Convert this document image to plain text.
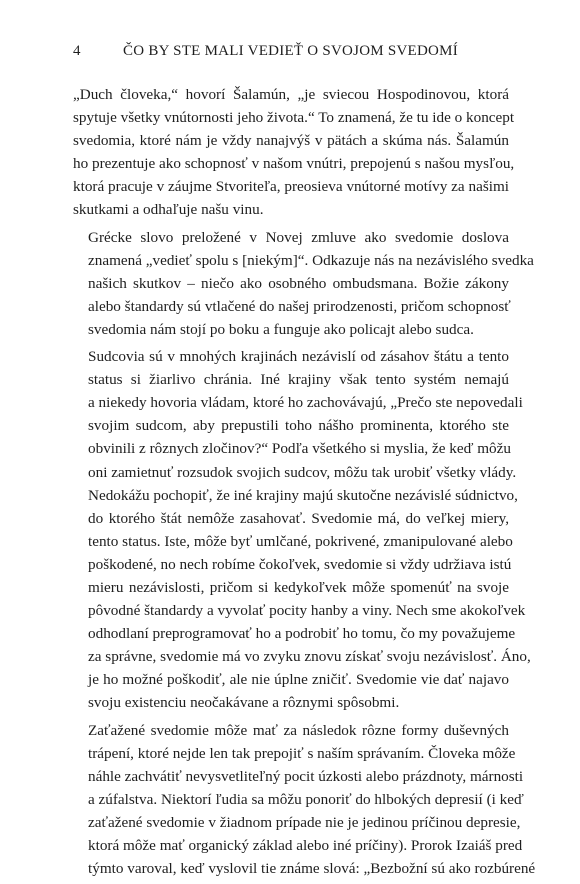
4	ČO BY STE MALI VEDIEŤ O SVOJOM SVEDOMÍ

„Duch človeka,“ hovorí Šalamún, „je sviecou Hospodinovou, ktorá
spytuje všetky vnútornosti jeho života.“ To znamená, že tu ide o koncept
svedomia, ktoré nám je vždy nanajvýš v pätách a skúma nás. Šalamún
ho prezentuje ako schopnosť v našom vnútri, prepojenú s našou mysľou,
ktorá pracuje v záujme Stvoriteľa, preosieva vnútorné motívy za našimi
skutkami a odhaľuje našu vinu.

Grécke slovo preložené v Novej zmluve ako svedomie doslova
znamená „vedieť spolu s [niekým]“. Odkazuje nás na nezávislého svedka
našich skutkov – niečo ako osobného ombudsmana. Božie zákony
alebo štandardy sú vtlačené do našej prirodzenosti, pričom schopnosť
svedomia nám stojí po boku a funguje ako policajt alebo sudca.

Sudcovia sú v mnohých krajinách nezávislí od zásahov štátu a tento
status si žiarlivo chránia. Iné krajiny však tento systém nemajú
a niekedy hovoria vládam, ktoré ho zachovávajú, „Prečo ste nepovedali
svojim sudcom, aby prepustili toho nášho prominenta, ktorého ste
obvinili z rôznych zločinov?“ Podľa všetkého si myslia, že keď môžu
oni zamietnuť rozsudok svojich sudcov, môžu tak urobiť všetky vlády.
Nedokážu pochopiť, že iné krajiny majú skutočne nezávislé súdnictvo,
do ktorého štát nemôže zasahovať. Svedomie má, do veľkej miery,
tento status. Iste, môže byť umlčané, pokrivené, zmanipulované alebo
poškodené, no nech robíme čokoľvek, svedomie si vždy udržiava istú
mieru nezávislosti, pričom si kedykoľvek môže spomenúť na svoje
pôvodné štandardy a vyvolať pocity hanby a viny. Nech sme akokoľvek
odhodlaní preprogramovať ho a podrobiť ho tomu, čo my považujeme
za správne, svedomie má vo zvyku znovu získať svoju nezávislosť. Áno,
je ho možné poškodiť, ale nie úplne zničiť. Svedomie vie dať najavo
svoju existenciu neočakávane a rôznymi spôsobmi.

Zaťažené svedomie môže mať za následok rôzne formy duševných
trápení, ktoré nejde len tak prepojiť s naším správaním. Človeka môže
náhle zachvátiť nevysvetliteľný pocit úzkosti alebo prázdnoty, márnosti
a zúfalstva. Niektorí ľudia sa môžu ponoriť do hlbokých depresií (i keď
zaťažené svedomie v žiadnom prípade nie je jedinou príčinou depresie,
ktorá môže mať organický základ alebo iné príčiny). Prorok Izaiáš pred
týmto varoval, keď vyslovil tie známe slová: „Bezbožní sú ako rozbúrené
